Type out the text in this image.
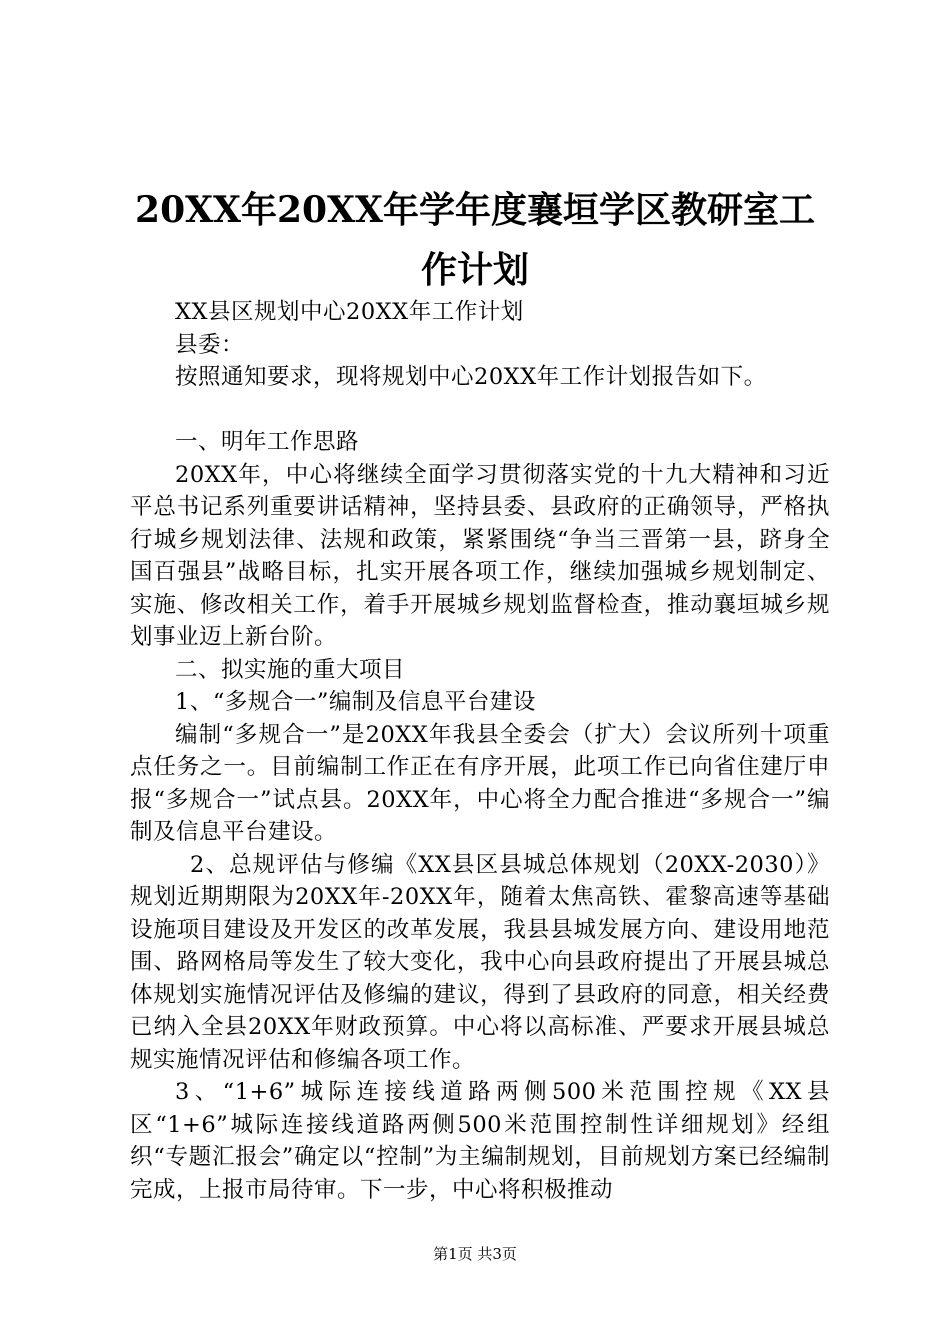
20XX年20XX年学年度襄垣学区教研室工作计划

XX县区规划中心20XX年工作计划

县委：

按照通知要求，现将规划中心20XX年工作计划报告如下。

一、明年工作思路

20XX年，中心将继续全面学习贯彻落实党的十九大精神和习近平总书记系列重要讲话精神，坚持县委、县政府的正确领导，严格执行城乡规划法律、法规和政策，紧紧围绕“争当三晋第一县，跻身全国百强县”战略目标，扎实开展各项工作，继续加强城乡规划制定、实施、修改相关工作，着手开展城乡规划监督检查，推动襄垣城乡规划事业迈上新台阶。

二、拟实施的重大项目

1、“多规合一”编制及信息平台建设

编制“多规合一”是20XX年我县全委会（扩大）会议所列十项重点任务之一。目前编制工作正在有序开展，此项工作已向省住建厅申报“多规合一”试点县。20XX年，中心将全力配合推进“多规合一”编制及信息平台建设。

2、总规评估与修编《XX县区县城总体规划（20XX-2030）》规划近期期限为20XX年-20XX年，随着太焦高铁、霍黎高速等基础设施项目建设及开发区的改革发展，我县县城发展方向、建设用地范围、路网格局等发生了较大变化，我中心向县政府提出了开展县城总体规划实施情况评估及修编的建议，得到了县政府的同意，相关经费已纳入全县20XX年财政预算。中心将以高标准、严要求开展县城总规实施情况评估和修编各项工作。

3、“1+6”城际连接线道路两侧500米范围控规《XX县区“1+6”城际连接线道路两侧500米范围控制性详细规划》经组织“专题汇报会”确定以“控制”为主编制规划，目前规划方案已经编制完成，上报市局待审。下一步，中心将积极推动

第1页 共3页
